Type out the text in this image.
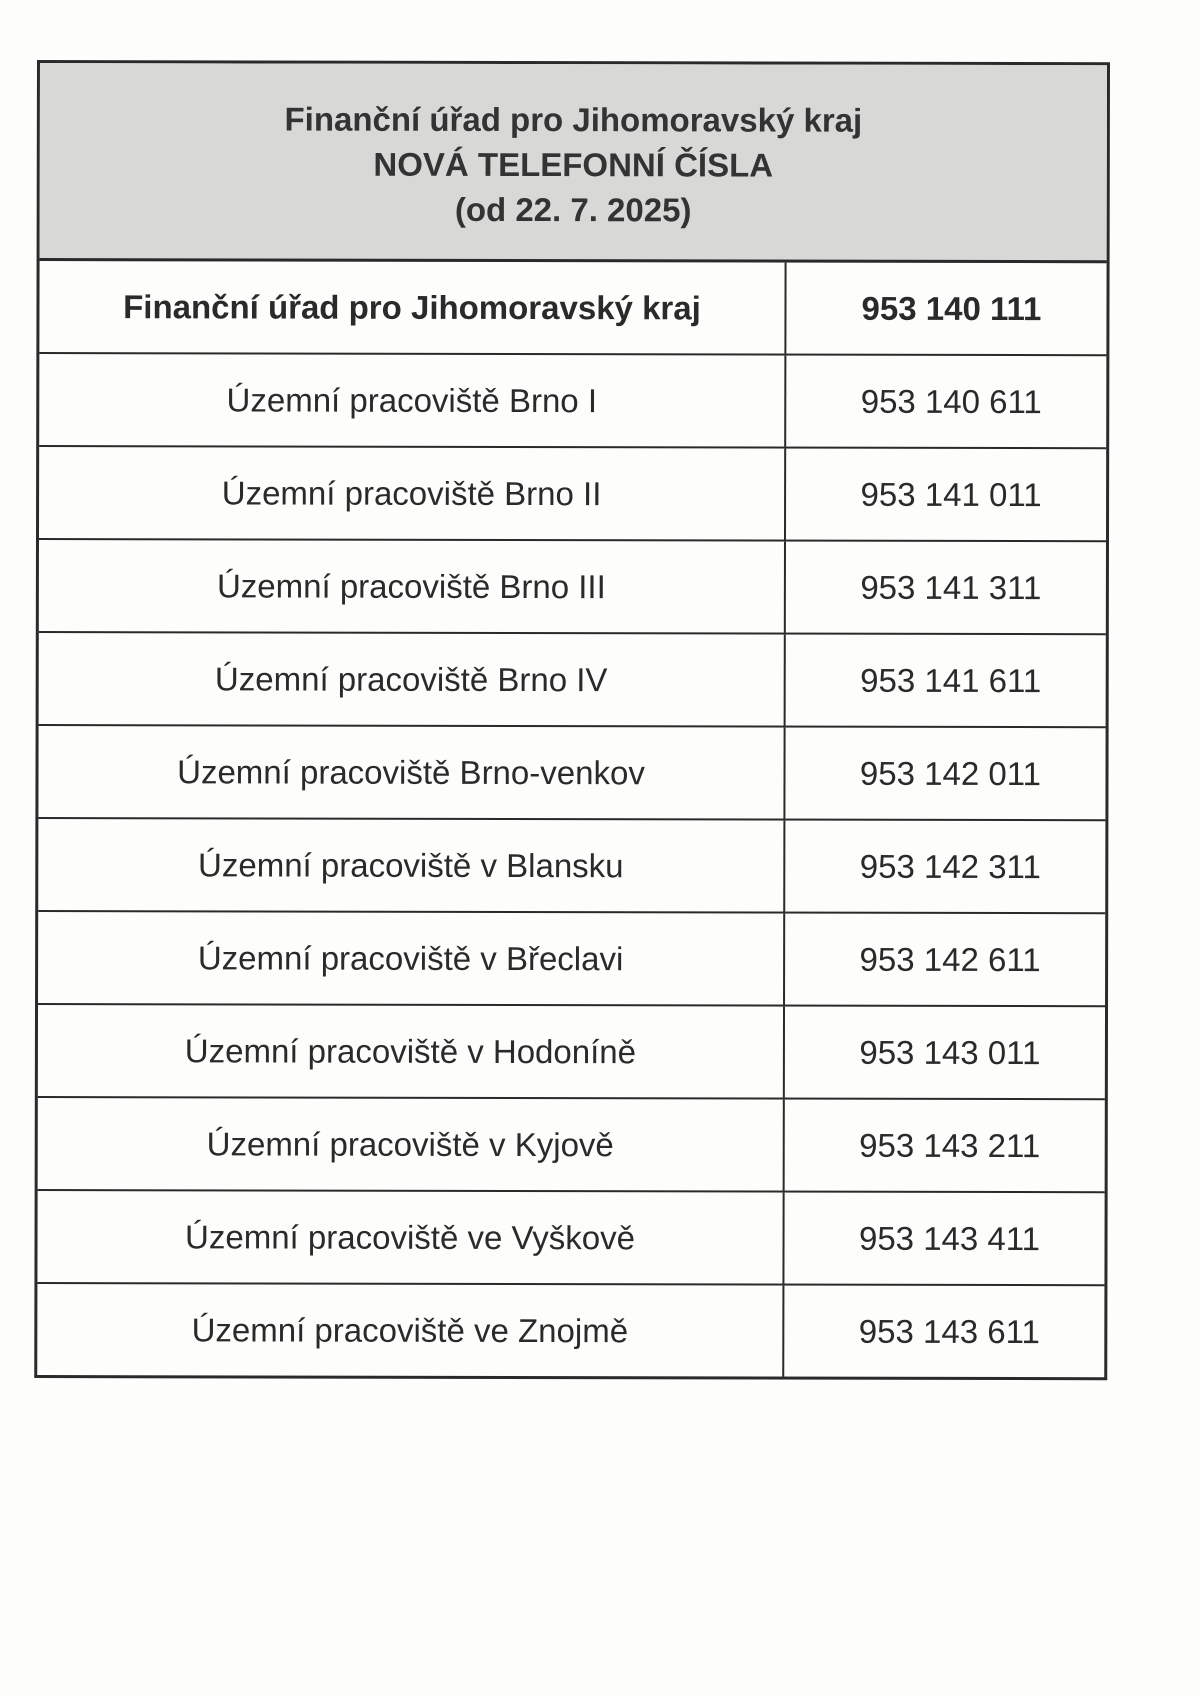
Finanční úřad pro Jihomoravský kraj
NOVÁ TELEFONNÍ ČÍSLA
(od 22. 7. 2025)
Finanční úřad pro Jihomoravský kraj	953 140 111
Územní pracoviště Brno I	953 140 611
Územní pracoviště Brno II	953 141 011
Územní pracoviště Brno III	953 141 311
Územní pracoviště Brno IV	953 141 611
Územní pracoviště Brno-venkov	953 142 011
Územní pracoviště v Blansku	953 142 311
Územní pracoviště v Břeclavi	953 142 611
Územní pracoviště v Hodoníně	953 143 011
Územní pracoviště v Kyjově	953 143 211
Územní pracoviště ve Vyškově	953 143 411
Územní pracoviště ve Znojmě	953 143 611
